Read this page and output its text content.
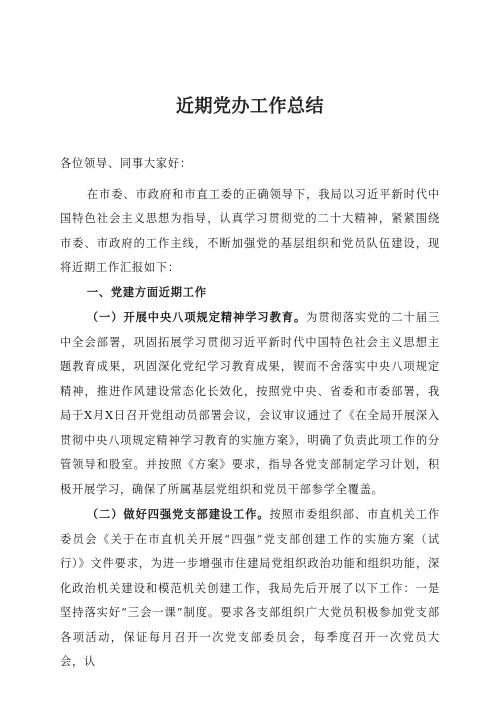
近期党办工作总结

各位领导、同事大家好：

在市委、市政府和市直工委的正确领导下，我局以习近平新时代中国特色社会主义思想为指导，认真学习贯彻党的二十大精神，紧紧围绕市委、市政府的工作主线，不断加强党的基层组织和党员队伍建设，现将近期工作汇报如下：

一、党建方面近期工作

（一）开展中央八项规定精神学习教育。为贯彻落实党的二十届三中全会部署，巩固拓展学习贯彻习近平新时代中国特色社会主义思想主题教育成果，巩固深化党纪学习教育成果，锲而不舍落实中央八项规定精神，推进作风建设常态化长效化，按照党中央、省委和市委部署，我局于X月X日召开党组动员部署会议，会议审议通过了《在全局开展深入贯彻中央八项规定精神学习教育的实施方案》，明确了负责此项工作的分管领导和股室。并按照《方案》要求，指导各党支部制定学习计划，积极开展学习，确保了所属基层党组织和党员干部参学全覆盖。

（二）做好四强党支部建设工作。按照市委组织部、市直机关工作委员会《关于在市直机关开展“四强”党支部创建工作的实施方案（试行）》文件要求，为进一步增强市住建局党组织政治功能和组织功能，深化政治机关建设和模范机关创建工作，我局先后开展了以下工作：一是坚持落实好“三会一课”制度。要求各支部组织广大党员积极参加党支部各项活动，保证每月召开一次党支部委员会，每季度召开一次党员大会，认
